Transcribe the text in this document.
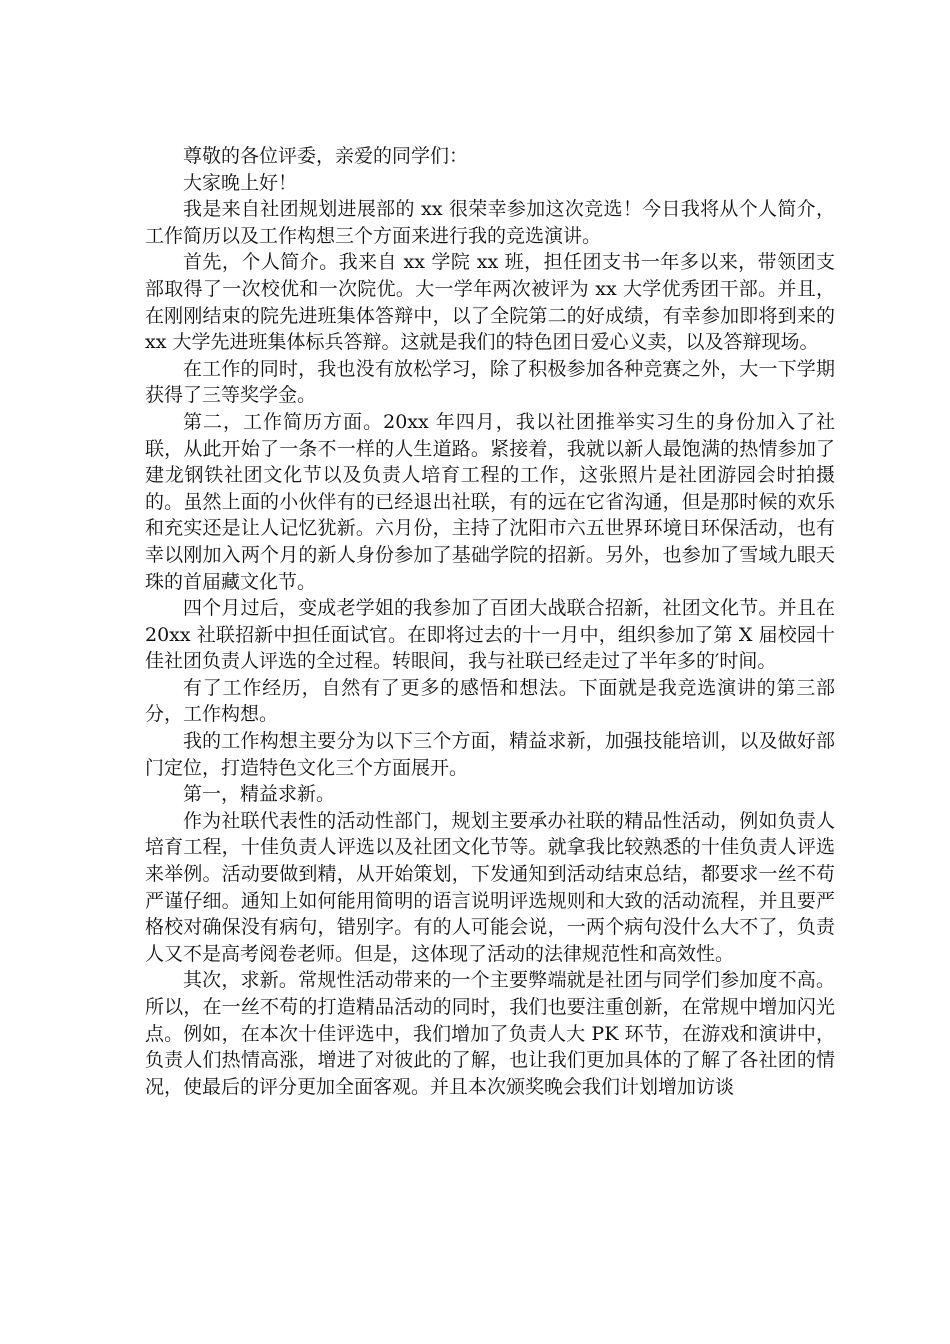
尊敬的各位评委，亲爱的同学们：

大家晚上好！

我是来自社团规划进展部的 xx 很荣幸参加这次竞选！今日我将从个人简介，工作简历以及工作构想三个方面来进行我的竞选演讲。

首先，个人简介。我来自 xx 学院 xx 班，担任团支书一年多以来，带领团支部取得了一次校优和一次院优。大一学年两次被评为 xx 大学优秀团干部。并且，在刚刚结束的院先进班集体答辩中，以了全院第二的好成绩，有幸参加即将到来的 xx 大学先进班集体标兵答辩。这就是我们的特色团日爱心义卖，以及答辩现场。

在工作的同时，我也没有放松学习，除了积极参加各种竞赛之外，大一下学期获得了三等奖学金。

第二，工作简历方面。20xx 年四月，我以社团推举实习生的身份加入了社联，从此开始了一条不一样的人生道路。紧接着，我就以新人最饱满的热情参加了建龙钢铁社团文化节以及负责人培育工程的工作，这张照片是社团游园会时拍摄的。虽然上面的小伙伴有的已经退出社联，有的远在它省沟通，但是那时候的欢乐和充实还是让人记忆犹新。六月份，主持了沈阳市六五世界环境日环保活动，也有幸以刚加入两个月的新人身份参加了基础学院的招新。另外，也参加了雪域九眼天珠的首届藏文化节。

四个月过后，变成老学姐的我参加了百团大战联合招新，社团文化节。并且在 20xx 社联招新中担任面试官。在即将过去的十一月中，组织参加了第 X 届校园十佳社团负责人评选的全过程。转眼间，我与社联已经走过了半年多的′时间。

有了工作经历，自然有了更多的感悟和想法。下面就是我竞选演讲的第三部分，工作构想。

我的工作构想主要分为以下三个方面，精益求新，加强技能培训，以及做好部门定位，打造特色文化三个方面展开。

第一，精益求新。

作为社联代表性的活动性部门，规划主要承办社联的精品性活动，例如负责人培育工程，十佳负责人评选以及社团文化节等。就拿我比较熟悉的十佳负责人评选来举例。活动要做到精，从开始策划，下发通知到活动结束总结，都要求一丝不苟严谨仔细。通知上如何能用简明的语言说明评选规则和大致的活动流程，并且要严格校对确保没有病句，错别字。有的人可能会说，一两个病句没什么大不了，负责人又不是高考阅卷老师。但是，这体现了活动的法律规范性和高效性。

其次，求新。常规性活动带来的一个主要弊端就是社团与同学们参加度不高。所以，在一丝不苟的打造精品活动的同时，我们也要注重创新，在常规中增加闪光点。例如，在本次十佳评选中，我们增加了负责人大 PK 环节，在游戏和演讲中，负责人们热情高涨，增进了对彼此的了解，也让我们更加具体的了解了各社团的情况，使最后的评分更加全面客观。并且本次颁奖晚会我们计划增加访谈
